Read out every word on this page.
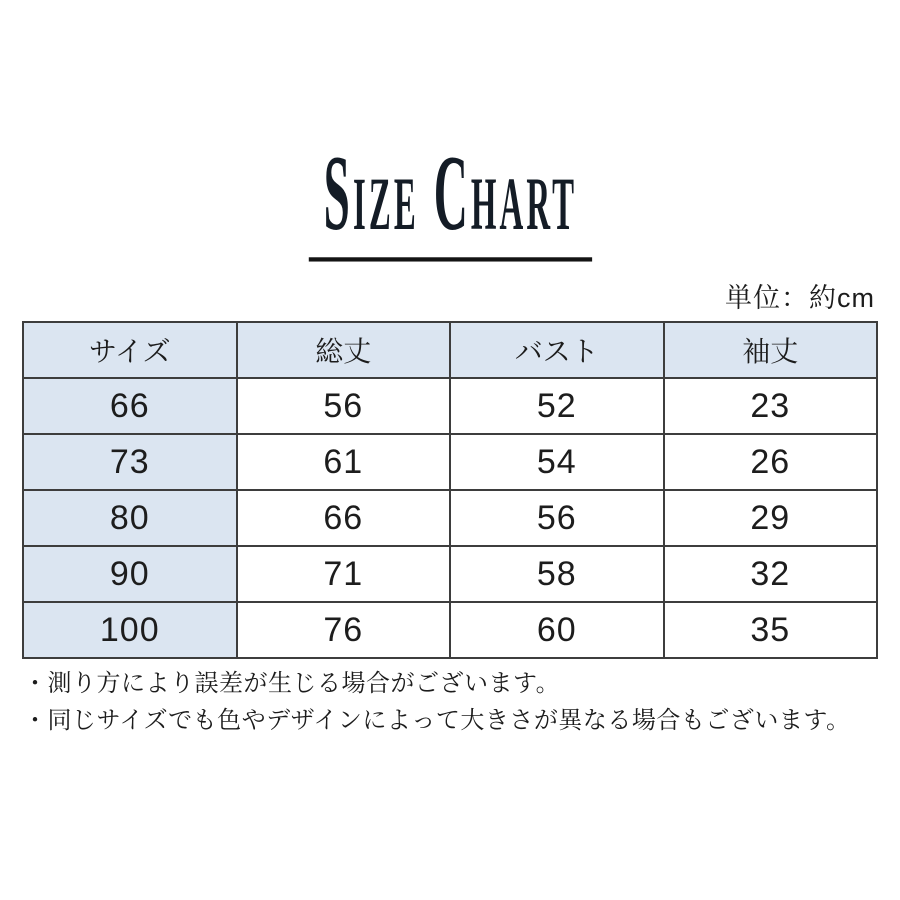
Size Chart
単位：約cm
サイズ	総丈	バスト	袖丈
66	56	52	23
73	61	54	26
80	66	56	29
90	71	58	32
100	76	60	35

・測り方により誤差が生じる場合がございます。

・同じサイズでも色やデザインによって大きさが異なる場合もございます。
